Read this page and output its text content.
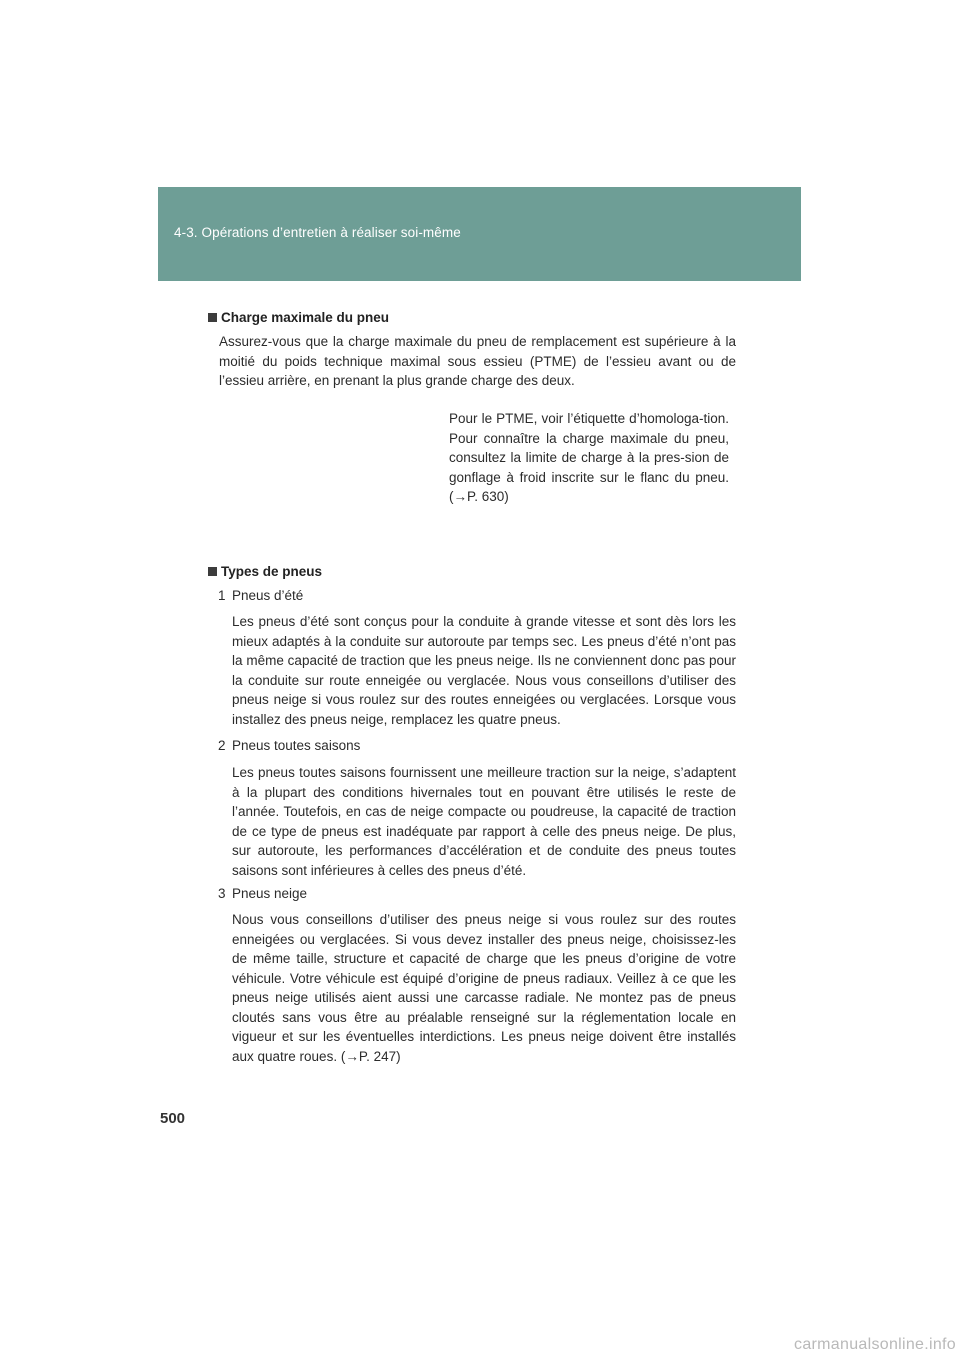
4-3. Opérations d’entretien à réaliser soi-même
Charge maximale du pneu
Assurez-vous que la charge maximale du pneu de remplacement est supérieure à la moitié du poids technique maximal sous essieu (PTME) de l’essieu avant ou de l’essieu arrière, en prenant la plus grande charge des deux.
Pour le PTME, voir l’étiquette d’homologa-tion. Pour connaître la charge maximale du pneu, consultez la limite de charge à la pres-sion de gonflage à froid inscrite sur le flanc du pneu. (→P. 630)
Types de pneus
1 Pneus d’été
Les pneus d’été sont conçus pour la conduite à grande vitesse et sont dès lors les mieux adaptés à la conduite sur autoroute par temps sec. Les pneus d’été n’ont pas la même capacité de traction que les pneus neige. Ils ne conviennent donc pas pour la conduite sur route enneigée ou verglacée. Nous vous conseillons d’utiliser des pneus neige si vous roulez sur des routes enneigées ou verglacées. Lorsque vous installez des pneus neige, remplacez les quatre pneus.
2 Pneus toutes saisons
Les pneus toutes saisons fournissent une meilleure traction sur la neige, s’adaptent à la plupart des conditions hivernales tout en pouvant être utilisés le reste de l’année. Toutefois, en cas de neige compacte ou poudreuse, la capacité de traction de ce type de pneus est inadéquate par rapport à celle des pneus neige. De plus, sur autoroute, les performances d’accélération et de conduite des pneus toutes saisons sont inférieures à celles des pneus d’été.
3 Pneus neige
Nous vous conseillons d’utiliser des pneus neige si vous roulez sur des routes enneigées ou verglacées. Si vous devez installer des pneus neige, choisissez-les de même taille, structure et capacité de charge que les pneus d’origine de votre véhicule. Votre véhicule est équipé d’origine de pneus radiaux. Veillez à ce que les pneus neige utilisés aient aussi une carcasse radiale. Ne montez pas de pneus cloutés sans vous être au préalable renseigné sur la réglementation locale en vigueur et sur les éventuelles interdictions. Les pneus neige doivent être installés aux quatre roues. (→P. 247)
500
carmanualsonline.info
